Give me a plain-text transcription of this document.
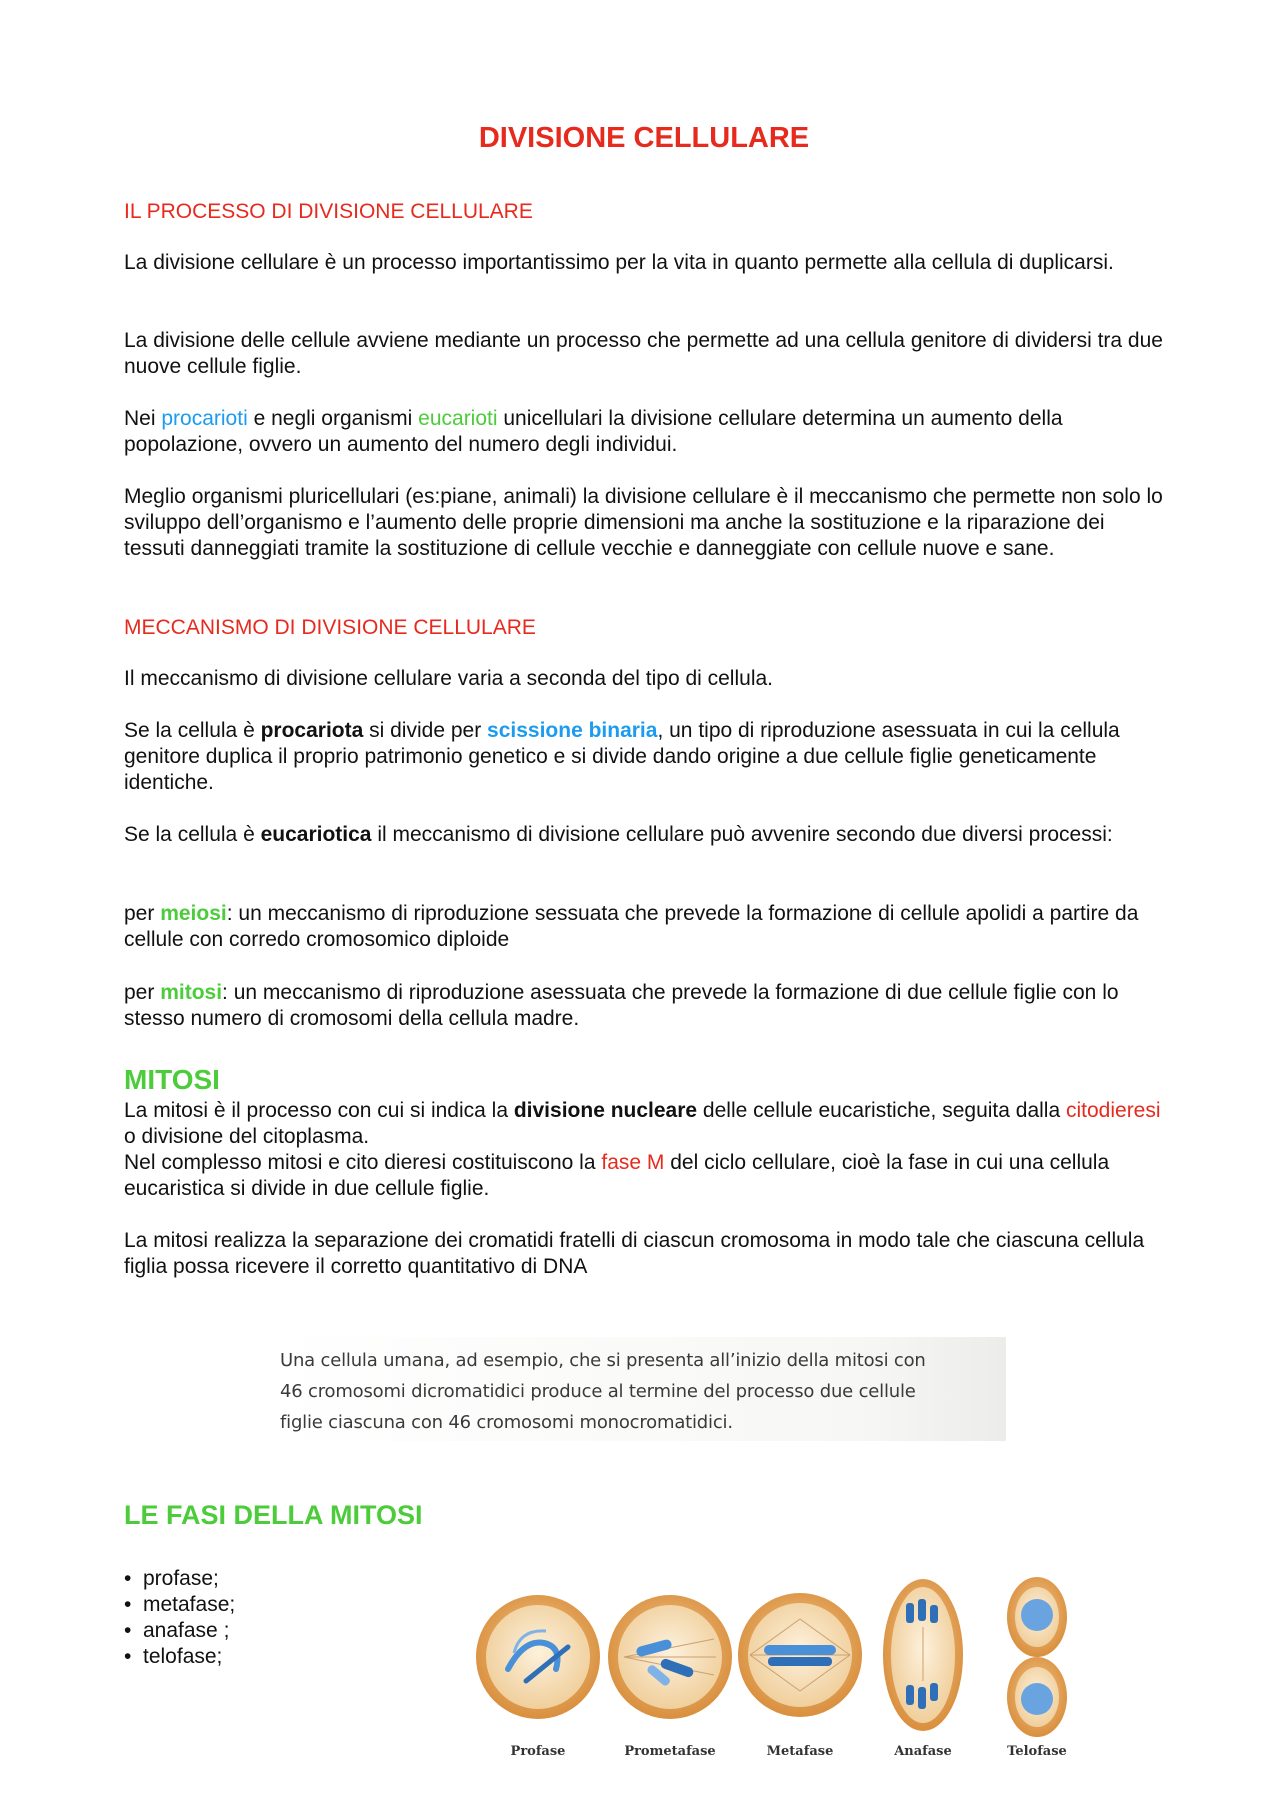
DIVISIONE CELLULARE
IL PROCESSO DI DIVISIONE CELLULARE

La divisione cellulare è un processo importantissimo per la vita in quanto permette alla cellula di duplicarsi.

La divisione delle cellule avviene mediante un processo che permette ad una cellula genitore di dividersi tra due nuove cellule figlie.

Nei procarioti e negli organismi eucarioti unicellulari la divisione cellulare determina un aumento della popolazione, ovvero un aumento del numero degli individui.

Meglio organismi pluricellulari (es:piane, animali) la divisione cellulare è il meccanismo che permette non solo lo sviluppo dell’organismo e l’aumento delle proprie dimensioni ma anche la sostituzione e la riparazione dei tessuti danneggiati tramite la sostituzione di cellule vecchie e danneggiate con cellule nuove e sane.

MECCANISMO DI DIVISIONE CELLULARE

Il meccanismo di divisione cellulare varia a seconda del tipo di cellula.

Se la cellula è procariota si divide per scissione binaria, un tipo di riproduzione asessuata in cui la cellula genitore duplica il proprio patrimonio genetico e si divide dando origine a due cellule figlie geneticamente identiche.

Se la cellula è eucariotica il meccanismo di divisione cellulare può avvenire secondo due diversi processi:

per meiosi: un meccanismo di riproduzione sessuata che prevede la formazione di cellule apolidi a partire da cellule con corredo cromosomico diploide

per mitosi: un meccanismo di riproduzione asessuata che prevede la formazione di due cellule figlie con lo stesso numero di cromosomi della cellula madre.

MITOSI

La mitosi è il processo con cui si indica la divisione nucleare delle cellule eucaristiche, seguita dalla citodieresi o divisione del citoplasma.

Nel complesso mitosi e cito dieresi costituiscono la fase M del ciclo cellulare, cioè la fase in cui una cellula eucaristica si divide in due cellule figlie.

La mitosi realizza la separazione dei cromatidi fratelli di ciascun cromosoma in modo tale che ciascuna cellula figlia possa ricevere il corretto quantitativo di DNA

Una cellula umana, ad esempio, che si presenta all’inizio della mitosi con
46 cromosomi dicromatidici produce al termine del processo due cellule
figlie ciascuna con 46 cromosomi monocromatidici.

LE FASI DELLA MITOSI
• profase;
• metafase;
• anafase ;
• telofase;
Profase	Prometafase	Metafase	Anafase	Telofase
